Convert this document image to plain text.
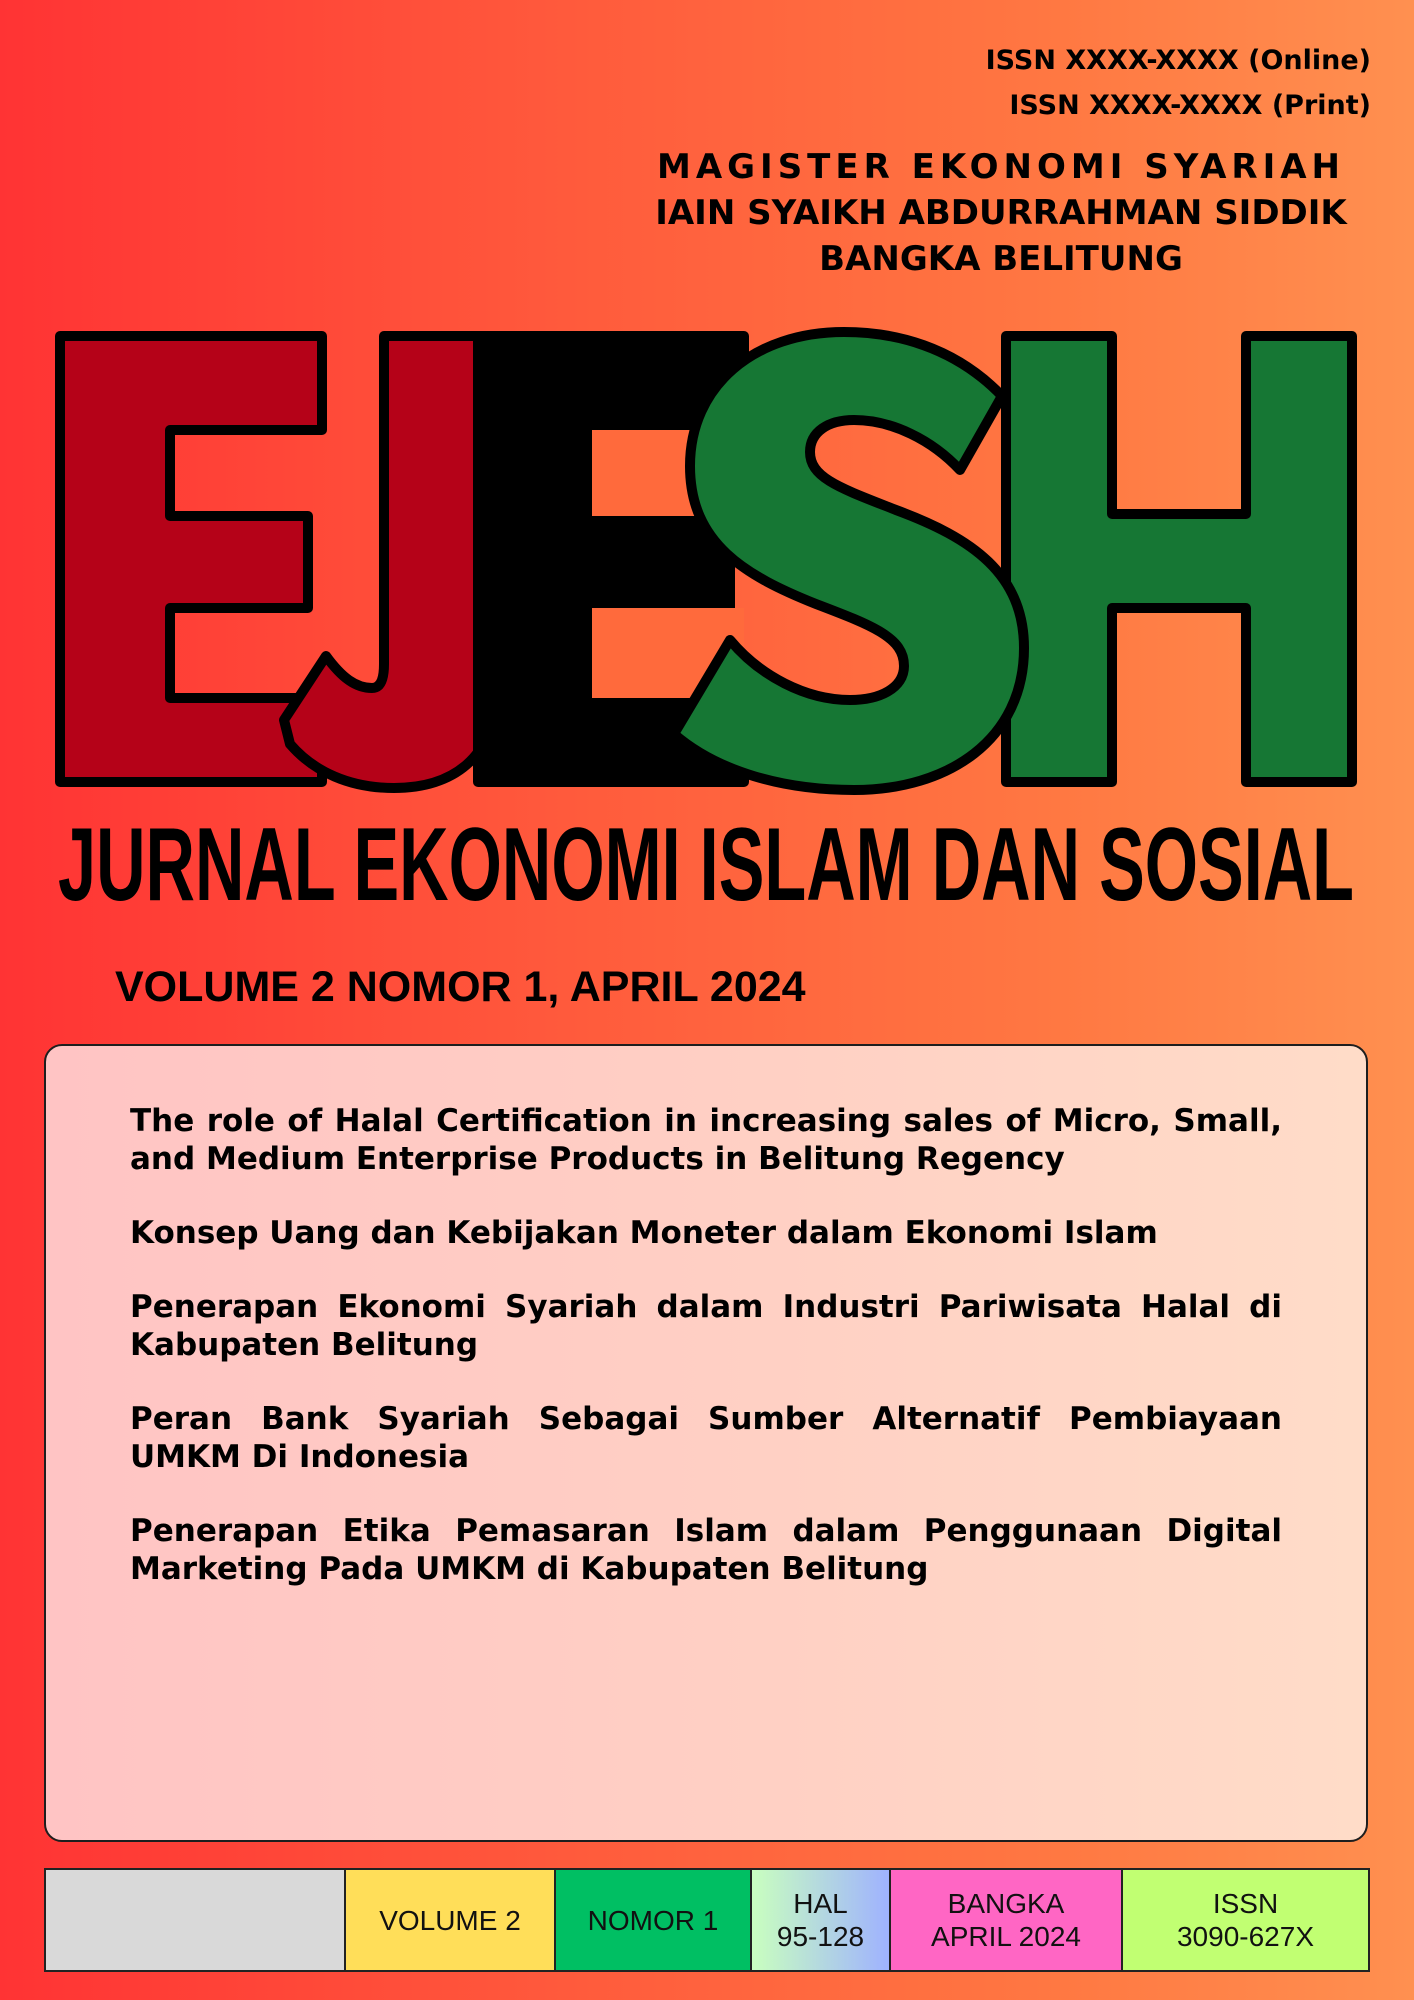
ISSN XXXX-XXXX (Online)
ISSN XXXX-XXXX (Print)
MAGISTER EKONOMI SYARIAH
IAIN SYAIKH ABDURRAHMAN SIDDIK
BANGKA BELITUNG
JURNAL EKONOMI ISLAM DAN SOSIAL
VOLUME 2 NOMOR 1, APRIL 2024

The role of Halal Certification in increasing sales of Micro, Small, and Medium Enterprise Products in Belitung Regency

Konsep Uang dan Kebijakan Moneter dalam Ekonomi Islam

Penerapan Ekonomi Syariah dalam Industri Pariwisata Halal di Kabupaten Belitung

Peran Bank Syariah Sebagai Sumber Alternatif Pembiayaan UMKM Di Indonesia

Penerapan Etika Pemasaran Islam dalam Penggunaan Digital Marketing Pada UMKM di Kabupaten Belitung

VOLUME 2 NOMOR 1
HAL
95-128
BANGKA
APRIL 2024
ISSN
3090-627X
